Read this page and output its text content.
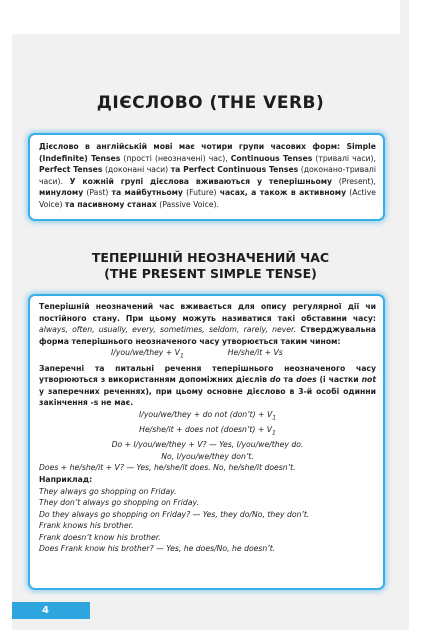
ДІЄСЛОВО (THE VERB)

Дієслово в англійській мові має чотири групи часових форм: Simple (Indefinite) Tenses (прості (неозначені) час), Continuous Tenses (тривалі часи), Perfect Tenses (доконані часи) та Perfect Continuous Tenses (доконано-тривалі часи). У кожній групі дієслова вживаються у теперішньому (Present), минулому (Past) та майбутньому (Future) часах, а також в активному (Active Voice) та пасивному станах (Passive Voice).

ТЕПЕРІШНІЙ НЕОЗНАЧЕНИЙ ЧАС
(THE PRESENT SIMPLE TENSE)

Теперішній неозначений час вживається для опису регулярної дії чи постійного стану. При цьому можуть називатися такі обставини часу: always, often, usually, every, sometimes, seldom, rarely, never. Стверджувальна форма теперішнього неозначеного часу утворюється таким чином:

I/you/we/they + $V_1$	He/she/it + Vs

Заперечні та питальні речення теперішнього неозначеного часу утворюються з використанням допоміжних дієслів do та does (і частки not у заперечних реченнях), при цьому основне дієслово в 3-й особі одинни закінчення -s не має.

I/you/we/they + do not (don’t) + $V_1$
He/she/it + does not (doesn’t) + $V_1$
Do + I/you/we/they + V? — Yes, I/you/we/they do.
No, I/you/we/they don’t.
Does + he/she/it + V? — Yes, he/she/it does. No, he/she/it doesn’t.
Наприклад:
They always go shopping on Friday.
They don’t always go shopping on Friday.
Do they always go shopping on Friday? — Yes, they do/No, they don’t.
Frank knows his brother.
Frank doesn’t know his brother.
Does Frank know his brother? — Yes, he does/No, he doesn’t.
4
